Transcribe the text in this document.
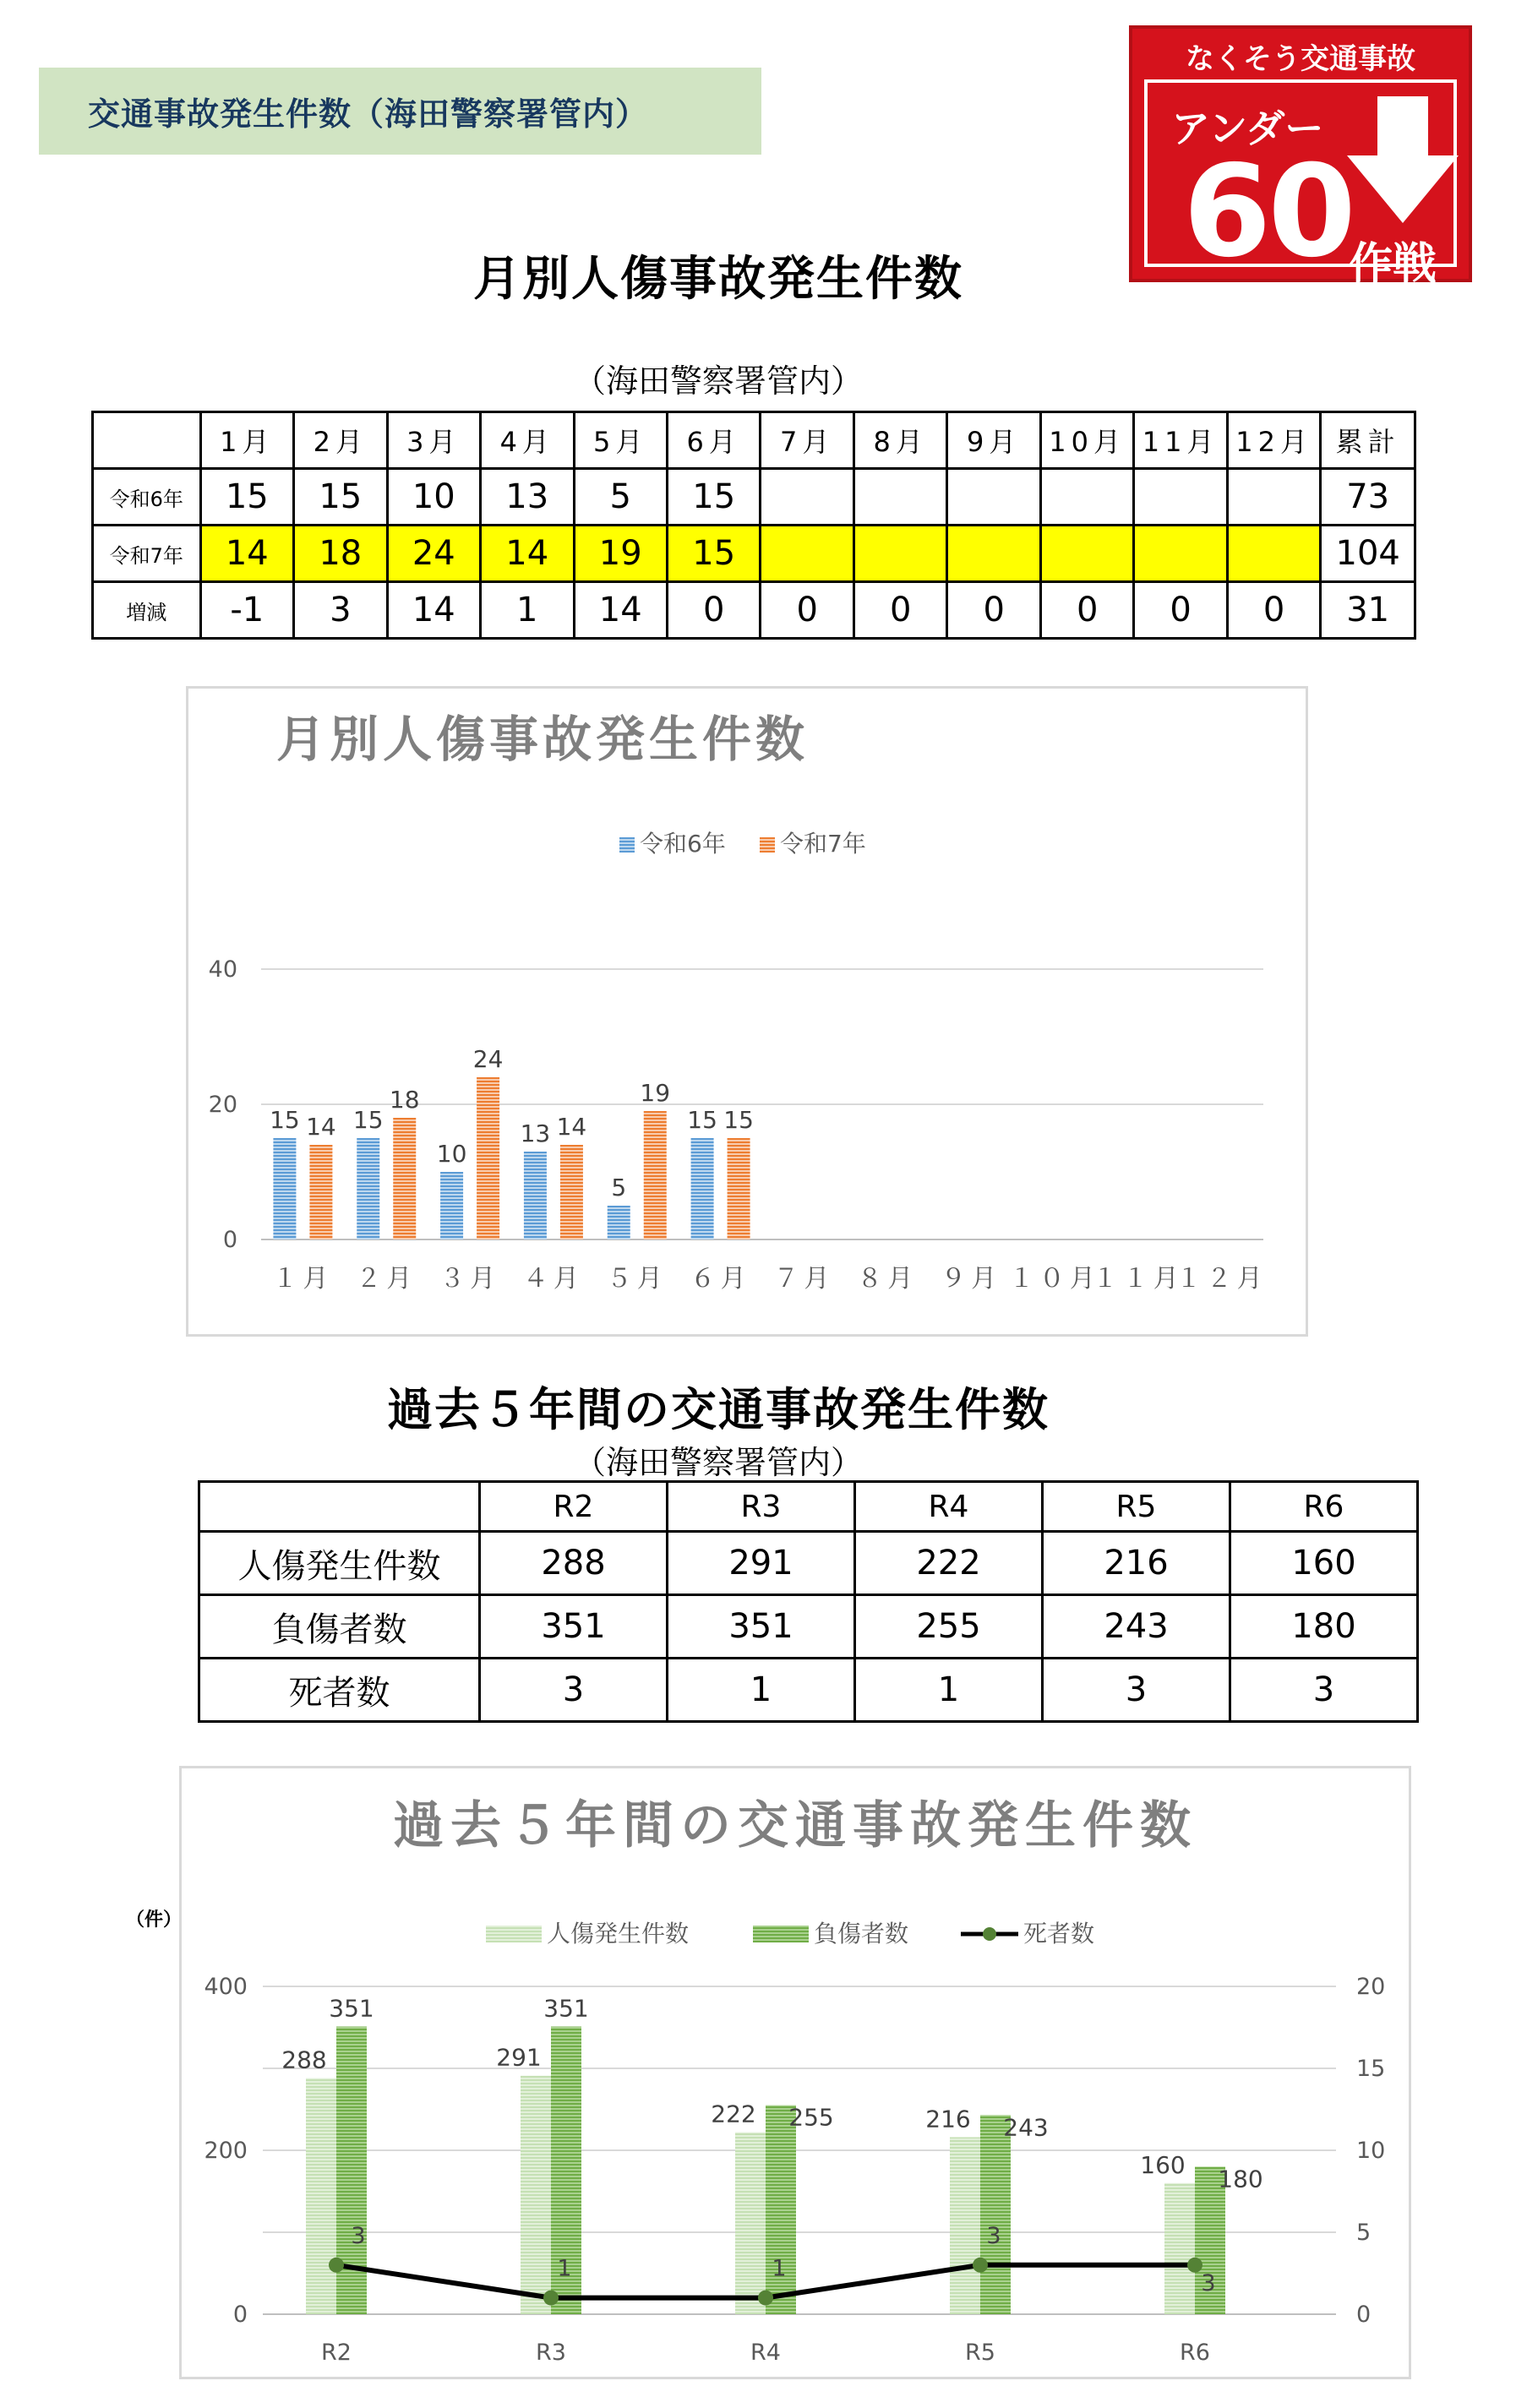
交通事故発生件数（海田警察署管内）
なくそう交通事故
アンダー
60
作戦
月別人傷事故発生件数
（海田警察署管内）
	1月	2月	3月	4月	5月	6月	7月	8月	9月	10月	11月	12月	累計
令和6年	15	15	10	13	5	15							73
令和7年	14	18	24	14	19	15							104
増減	-1	3	14	1	14	0	0	0	0	0	0	0	31
月別人傷事故発生件数
令和6年 令和7年
0
20
40
１月
15 14
２月
15
18
３月
10
24
４月
13 14
５月
5
19
６月
15 15
７月 ８月 ９月 １０月
１１月
１２月
過去５年間の交通事故発生件数
（海田警察署管内）
	R2	R3	R4	R5	R6
人傷発生件数	288	291	222	216	160
負傷者数	351	351	255	243	180
死者数	3	1	1	3	3
過去５年間の交通事故発生件数
（件）	人傷発生件数	負傷者数	死者数
0
5
10
15
20
0
200
400
R2
288
351
R3
291
351
R4
222 255
R5
216 243
R6
160
180
3
1	1
3
3
